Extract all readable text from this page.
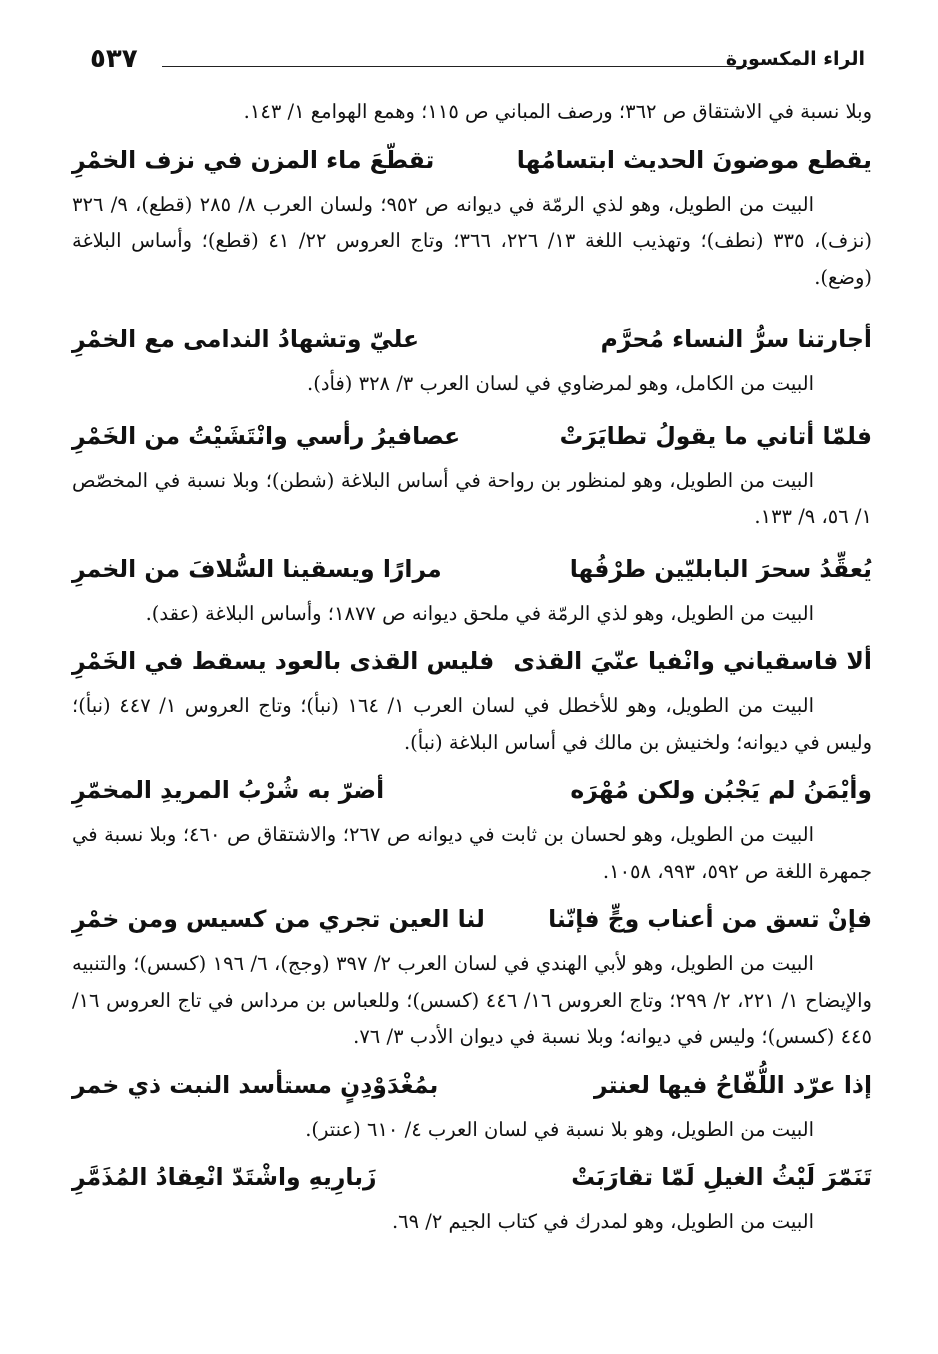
٥٣٧	الراء المكسورة

وبلا نسبة في الاشتقاق ص ٣٦٢؛ ورصف المباني ص ١١٥؛ وهمع الهوامع ١/ ١٤٣.

يقطع موضونَ الحديث ابتسامُها
تقطّعَ ماء المزن في نزف الخمْرِ

البيت من الطويل، وهو لذي الرمّة في ديوانه ص ٩٥٢؛ ولسان العرب ٨/ ٢٨٥ (قطع)، ٩/ ٣٢٦ (نزف)، ٣٣٥ (نطف)؛ وتهذيب اللغة ١٣/ ٢٢٦، ٣٦٦؛ وتاج العروس ٢٢/ ٤١ (قطع)؛ وأساس البلاغة (وضع).

أجارتنا سرُّ النساء مُحرَّم
عليّ وتشهادُ الندامى مع الخمْرِ

البيت من الكامل، وهو لمرضاوي في لسان العرب ٣/ ٣٢٨ (فأد).

فلمّا أتاني ما يقولُ تطايَرَتْ
عصافيرُ رأسي وانْتَشَيْتُ من الخَمْرِ

البيت من الطويل، وهو لمنظور بن رواحة في أساس البلاغة (شطن)؛ وبلا نسبة في المخصّص ١/ ٥٦، ٩/ ١٣٣.

يُعقِّدُ سحرَ البابليّين طرْفُها
مرارًا ويسقينا السُّلافَ من الخمرِ

البيت من الطويل، وهو لذي الرمّة في ملحق ديوانه ص ١٨٧٧؛ وأساس البلاغة (عقد).

ألا فاسقياني وانْفيا عنّيَ القذى
فليس القذى بالعود يسقط في الخَمْرِ

البيت من الطويل، وهو للأخطل في لسان العرب ١/ ١٦٤ (نبأ)؛ وتاج العروس ١/ ٤٤٧ (نبأ)؛ وليس في ديوانه؛ ولخنيش بن مالك في أساس البلاغة (نبأ).

وأيْمَنُ لم يَجْبُن ولكن مُهْرَه
أضرّ به شُرْبُ المريدِ المخمّرِ

البيت من الطويل، وهو لحسان بن ثابت في ديوانه ص ٢٦٧؛ والاشتقاق ص ٤٦٠؛ وبلا نسبة في جمهرة اللغة ص ٥٩٢، ٩٩٣، ١٠٥٨.

فإنْ تسق من أعناب وجٍّ فإنّنا
لنا العين تجري من كسيس ومن خمْرِ

البيت من الطويل، وهو لأبي الهندي في لسان العرب ٢/ ٣٩٧ (وجج)، ٦/ ١٩٦ (كسس)؛ والتنبيه والإيضاح ١/ ٢٢١، ٢/ ٢٩٩؛ وتاج العروس ١٦/ ٤٤٦ (كسس)؛ وللعباس بن مرداس في تاج العروس ١٦/ ٤٤٥ (كسس)؛ وليس في ديوانه؛ وبلا نسبة في ديوان الأدب ٣/ ٧٦.

إذا عرّد اللُّفّاحُ فيها لعنتر
بمُغْدَوْدِنٍ مستأسد النبت ذي خمر

البيت من الطويل، وهو بلا نسبة في لسان العرب ٤/ ٦١٠ (عنتر).

تَنَمّرَ لَيْثُ الغيلِ لَمّا تقارَبَتْ
زَبارِيهِ واشْتَدّ انْعِقادُ المُذَمَّرِ

البيت من الطويل، وهو لمدرك في كتاب الجيم ٢/ ٦٩.
